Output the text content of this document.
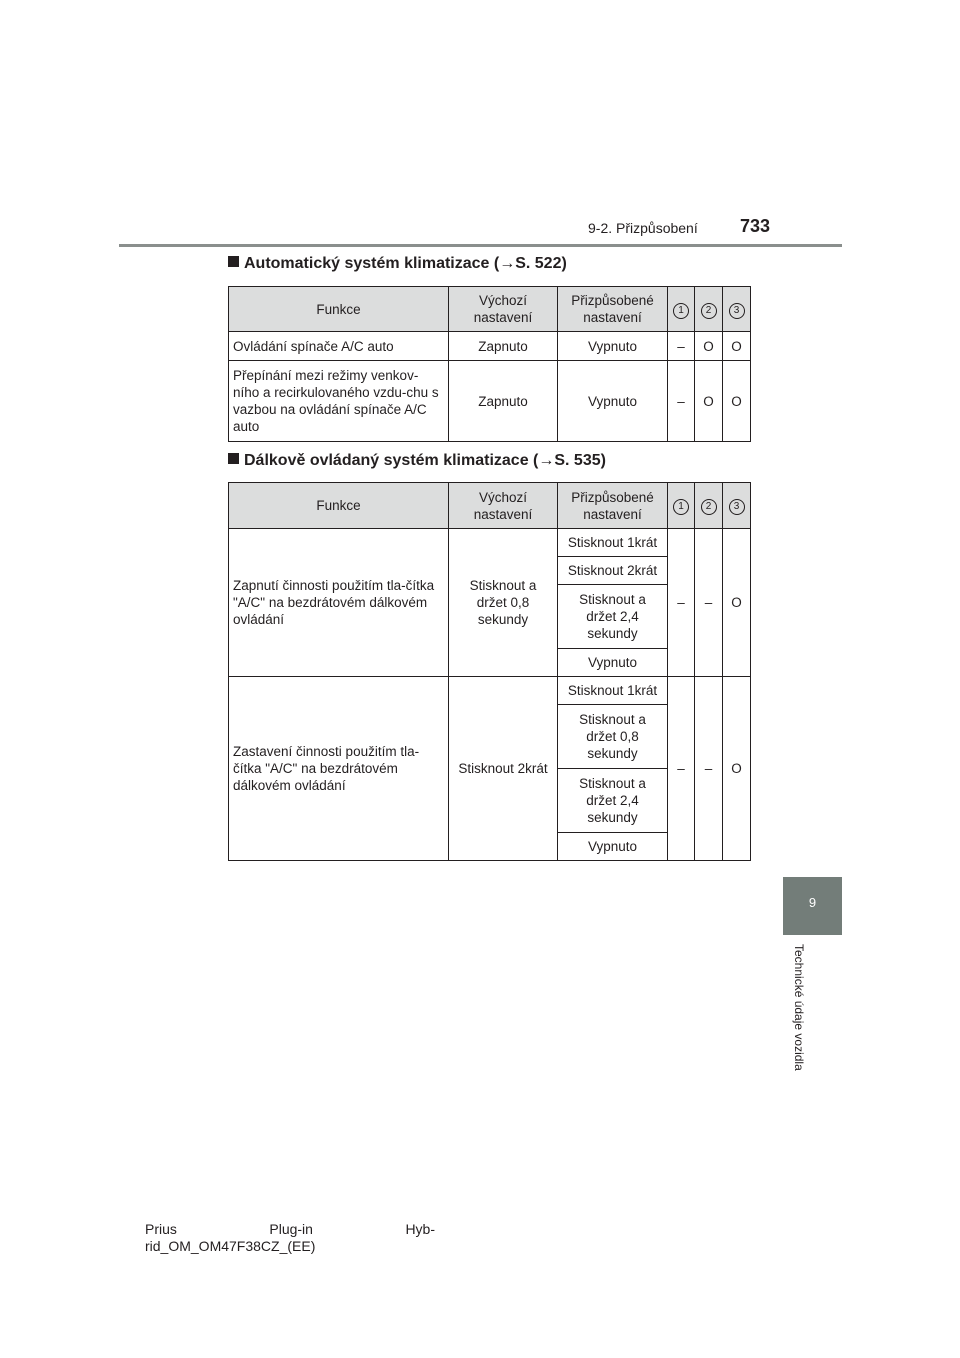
9-2. Přizpůsobení 733
9
Technické údaje vozidla
Automatický systém klimatizace (→S. 522)
Funkce	Výchozí nastavení	Přizpůsobené nastavení	1	2	3
Ovládání spínače A/C auto	Zapnuto	Vypnuto	–	O	O
Přepínání mezi režimy venkov-ního a recirkulovaného vzdu-chu s vazbou na ovládání spínače A/C auto	Zapnuto	Vypnuto	–	O	O
Dálkově ovládaný systém klimatizace (→S. 535)
Funkce	Výchozí nastavení	Přizpůsobené nastavení	1	2	3
Zapnutí činnosti použitím tla-čítka "A/C" na bezdrátovém dálkovém ovládání	Stisknout a držet 0,8 sekundy	Stisknout 1krát	–	–	O
		Stisknout 2krát			
		Stisknout a držet 2,4 sekundy			
		Vypnuto			
Zastavení činnosti použitím tla-čítka "A/C" na bezdrátovém dálkovém ovládání	Stisknout 2krát	Stisknout 1krát	–	–	O
		Stisknout a držet 0,8 sekundy			
		Stisknout a držet 2,4 sekundy			
		Vypnuto			
Prius	Plug-in	Hyb-
rid_OM_OM47F38CZ_(EE)
